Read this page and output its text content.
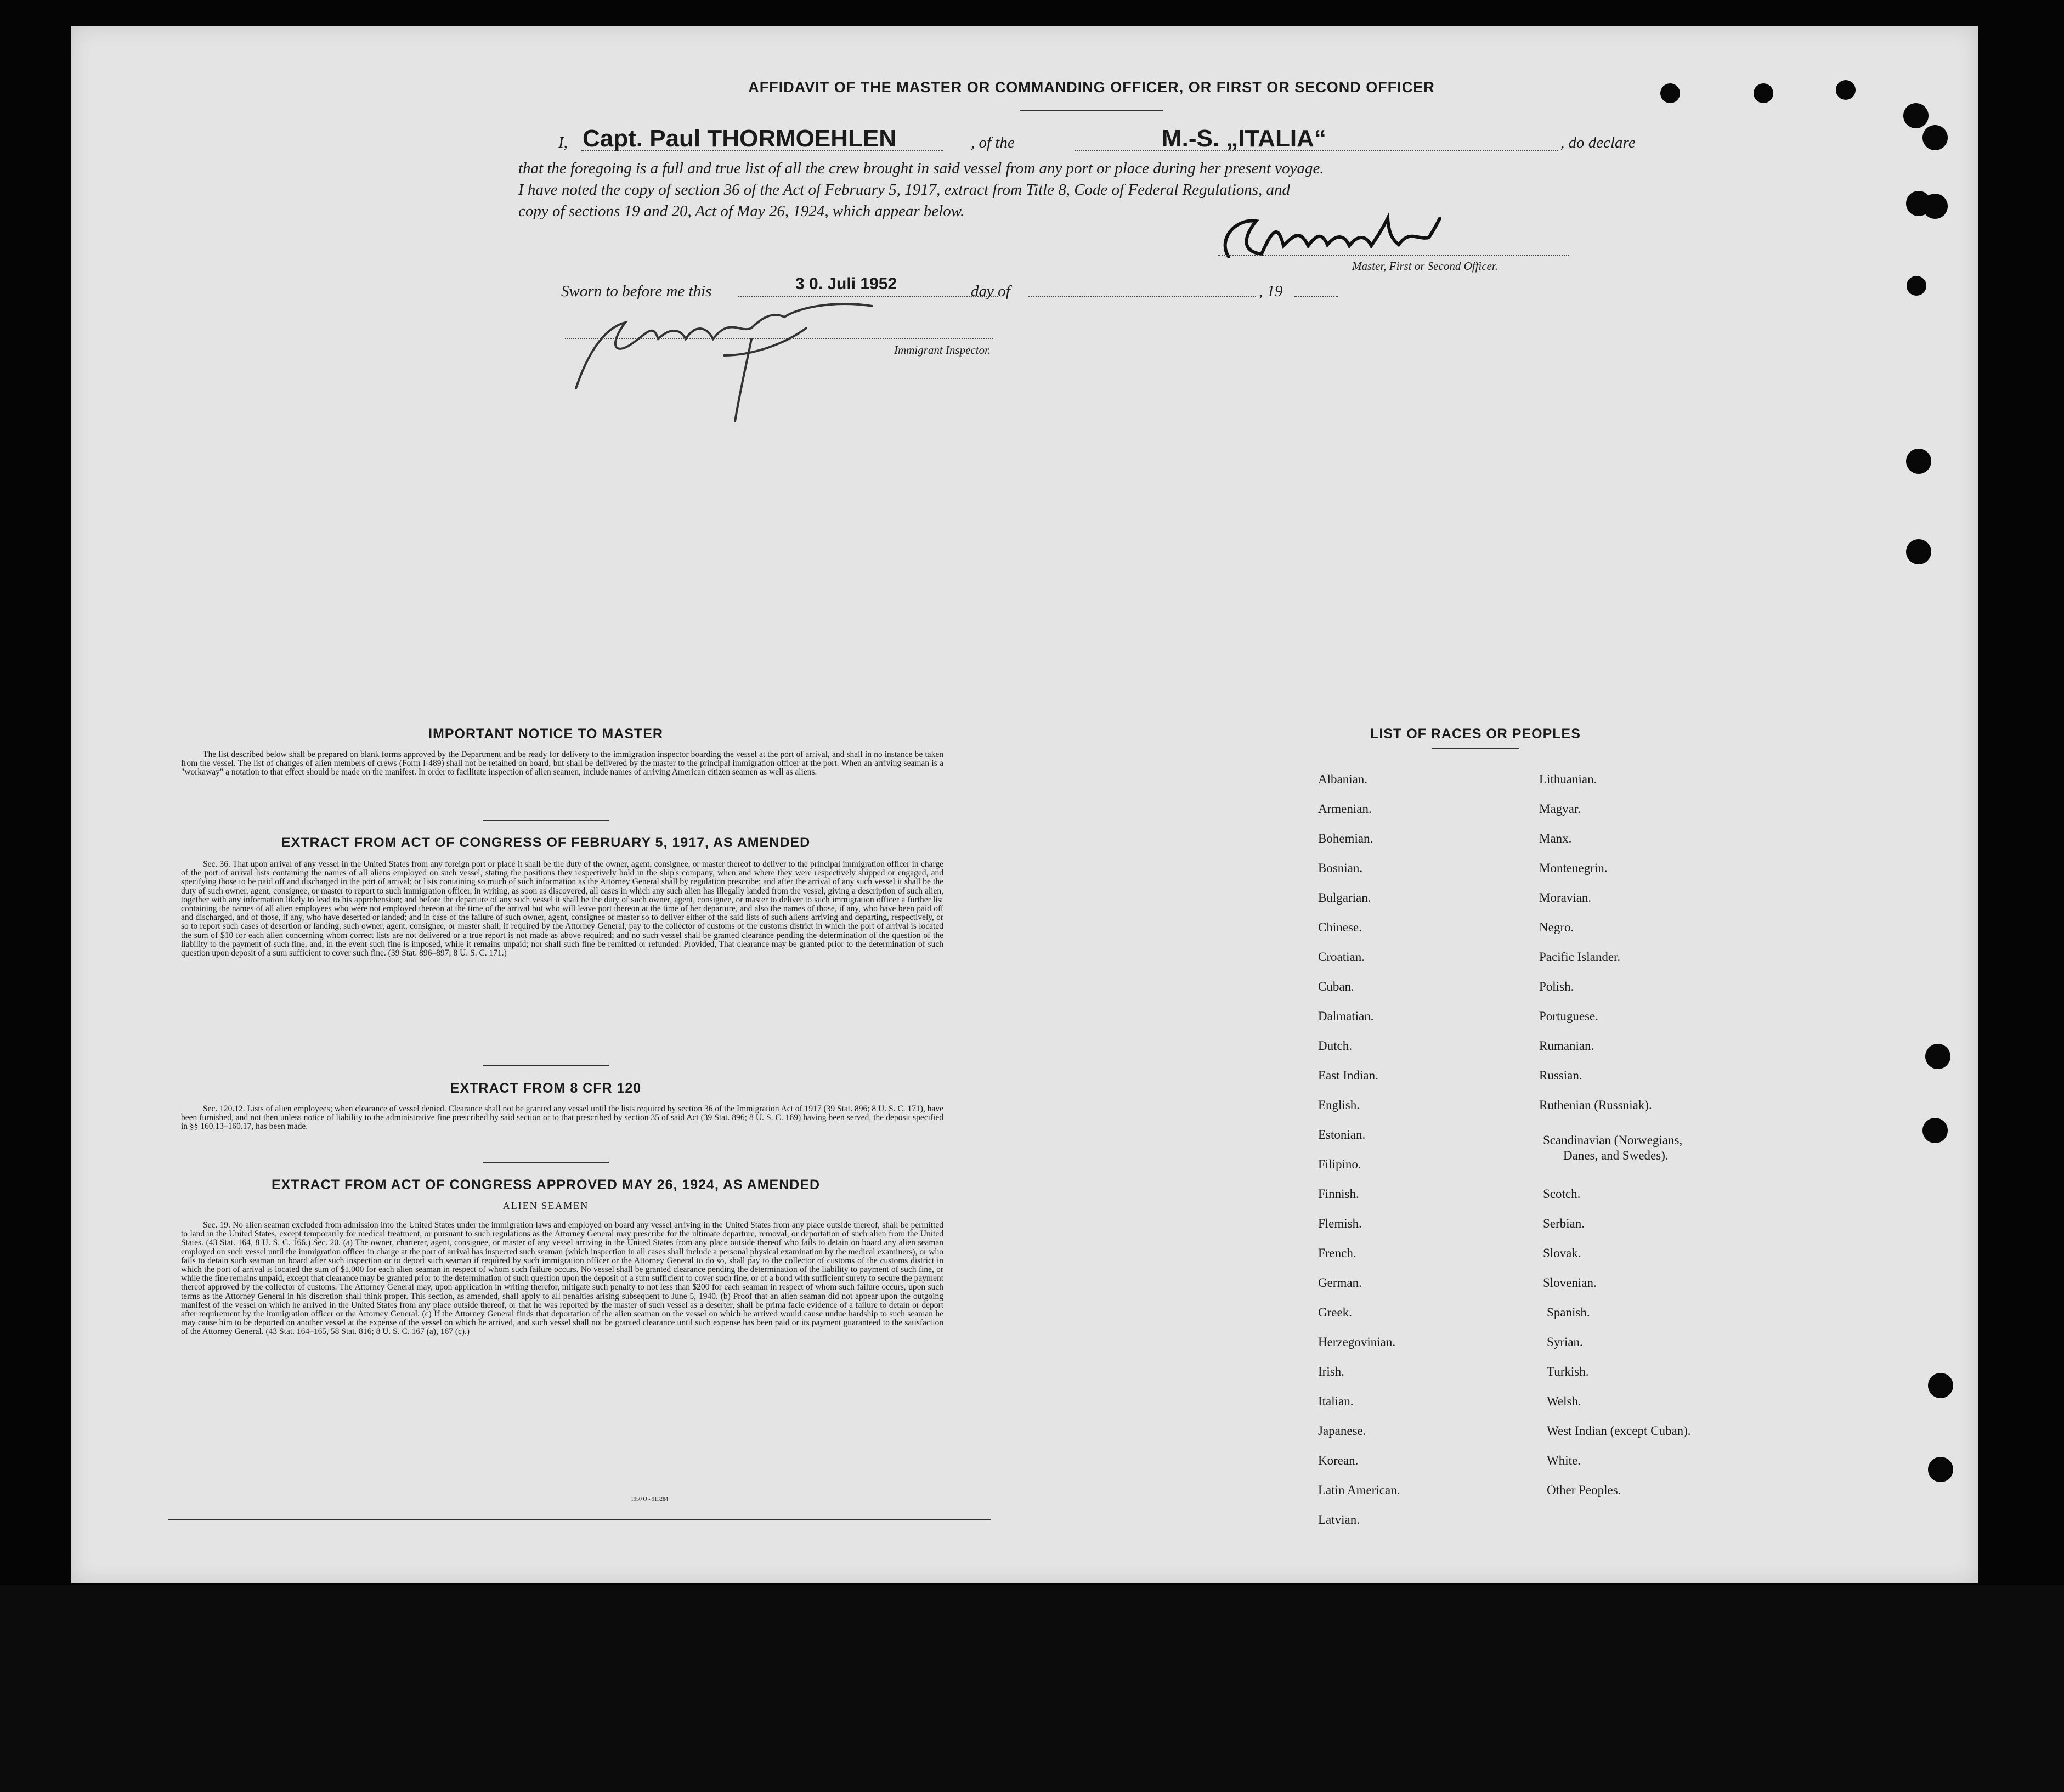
AFFIDAVIT OF THE MASTER OR COMMANDING OFFICER, OR FIRST OR SECOND OFFICER
I, Capt. Paul THORMOEHLEN	, of the	M.-S. „ITALIA“	, do declare
that the foregoing is a full and true list of all the crew brought in said vessel from any port or place during her present voyage.
I have noted the copy of section 36 of the Act of February 5, 1917, extract from Title 8, Code of Federal Regulations, and
copy of sections 19 and 20, Act of May 26, 1924, which appear below.
Master, First or Second Officer.
Sworn to before me this	3 0. Juli 1952	day of	, 19
Immigrant Inspector.
IMPORTANT NOTICE TO MASTER
The list described below shall be prepared on blank forms approved by the Department and be ready for delivery to the immigration inspector boarding the vessel at the port of arrival, and shall in no instance be taken from the vessel. The list of changes of alien members of crews (Form I-489) shall not be retained on board, but shall be delivered by the master to the principal immigration officer at the port. When an arriving seaman is a "workaway" a notation to that effect should be made on the manifest. In order to facilitate inspection of alien seamen, include names of arriving American citizen seamen as well as aliens.
EXTRACT FROM ACT OF CONGRESS OF FEBRUARY 5, 1917, AS AMENDED
Sec. 36. That upon arrival of any vessel in the United States from any foreign port or place it shall be the duty of the owner, agent, consignee, or master thereof to deliver to the principal immigration officer in charge of the port of arrival lists containing the names of all aliens employed on such vessel, stating the positions they respectively hold in the ship's company, when and where they were respectively shipped or engaged, and specifying those to be paid off and discharged in the port of arrival; or lists containing so much of such information as the Attorney General shall by regulation prescribe; and after the arrival of any such vessel it shall be the duty of such owner, agent, consignee, or master to report to such immigration officer, in writing, as soon as discovered, all cases in which any such alien has illegally landed from the vessel, giving a description of such alien, together with any information likely to lead to his apprehension; and before the departure of any such vessel it shall be the duty of such owner, agent, consignee, or master to deliver to such immigration officer a further list containing the names of all alien employees who were not employed thereon at the time of the arrival but who will leave port thereon at the time of her departure, and also the names of those, if any, who have been paid off and discharged, and of those, if any, who have deserted or landed; and in case of the failure of such owner, agent, consignee or master so to deliver either of the said lists of such aliens arriving and departing, respectively, or so to report such cases of desertion or landing, such owner, agent, consignee, or master shall, if required by the Attorney General, pay to the collector of customs of the customs district in which the port of arrival is located the sum of $10 for each alien concerning whom correct lists are not delivered or a true report is not made as above required; and no such vessel shall be granted clearance pending the determination of the question of the liability to the payment of such fine, and, in the event such fine is imposed, while it remains unpaid; nor shall such fine be remitted or refunded: Provided, That clearance may be granted prior to the determination of such question upon deposit of a sum sufficient to cover such fine. (39 Stat. 896–897; 8 U. S. C. 171.)
EXTRACT FROM 8 CFR 120
Sec. 120.12. Lists of alien employees; when clearance of vessel denied. Clearance shall not be granted any vessel until the lists required by section 36 of the Immigration Act of 1917 (39 Stat. 896; 8 U. S. C. 171), have been furnished, and not then unless notice of liability to the administrative fine prescribed by said section or to that prescribed by section 35 of said Act (39 Stat. 896; 8 U. S. C. 169) having been served, the deposit specified in §§ 160.13–160.17, has been made.
EXTRACT FROM ACT OF CONGRESS APPROVED MAY 26, 1924, AS AMENDED
ALIEN SEAMEN
Sec. 19. No alien seaman excluded from admission into the United States under the immigration laws and employed on board any vessel arriving in the United States from any place outside thereof, shall be permitted to land in the United States, except temporarily for medical treatment, or pursuant to such regulations as the Attorney General may prescribe for the ultimate departure, removal, or deportation of such alien from the United States. (43 Stat. 164, 8 U. S. C. 166.) Sec. 20. (a) The owner, charterer, agent, consignee, or master of any vessel arriving in the United States from any place outside thereof who fails to detain on board any alien seaman employed on such vessel until the immigration officer in charge at the port of arrival has inspected such seaman (which inspection in all cases shall include a personal physical examination by the medical examiners), or who fails to detain such seaman on board after such inspection or to deport such seaman if required by such immigration officer or the Attorney General to do so, shall pay to the collector of customs of the customs district in which the port of arrival is located the sum of $1,000 for each alien seaman in respect of whom such failure occurs. No vessel shall be granted clearance pending the determination of the liability to payment of such fine, or while the fine remains unpaid, except that clearance may be granted prior to the determination of such question upon the deposit of a sum sufficient to cover such fine, or of a bond with sufficient surety to secure the payment thereof approved by the collector of customs. The Attorney General may, upon application in writing therefor, mitigate such penalty to not less than $200 for each seaman in respect of whom such failure occurs, upon such terms as the Attorney General in his discretion shall think proper. This section, as amended, shall apply to all penalties arising subsequent to June 5, 1940. (b) Proof that an alien seaman did not appear upon the outgoing manifest of the vessel on which he arrived in the United States from any place outside thereof, or that he was reported by the master of such vessel as a deserter, shall be prima facie evidence of a failure to detain or deport after requirement by the immigration officer or the Attorney General. (c) If the Attorney General finds that deportation of the alien seaman on the vessel on which he arrived would cause undue hardship to such seaman he may cause him to be deported on another vessel at the expense of the vessel on which he arrived, and such vessel shall not be granted clearance until such expense has been paid or its payment guaranteed to the satisfaction of the Attorney General. (43 Stat. 164–165, 58 Stat. 816; 8 U. S. C. 167 (a), 167 (c).)
1950 O - 913284
LIST OF RACES OR PEOPLES
Albanian.
Armenian.
Bohemian.
Bosnian.
Bulgarian.
Chinese.
Croatian.
Cuban.
Dalmatian.
Dutch.
East Indian.
English.
Estonian.
Filipino.
Finnish.
Flemish.
French.
German.
Greek.
Herzegovinian.
Irish.
Italian.
Japanese.
Korean.
Latin American.
Latvian.
Lithuanian.
Magyar.
Manx.
Montenegrin.
Moravian.
Negro.
Pacific Islander.
Polish.
Portuguese.
Rumanian.
Russian.
Ruthenian (Russniak).
Scandinavian (Norwegians,
Danes, and Swedes).
Scotch.
Serbian.
Slovak.
Slovenian.
Spanish.
Syrian.
Turkish.
Welsh.
West Indian (except Cuban).
White.
Other Peoples.
